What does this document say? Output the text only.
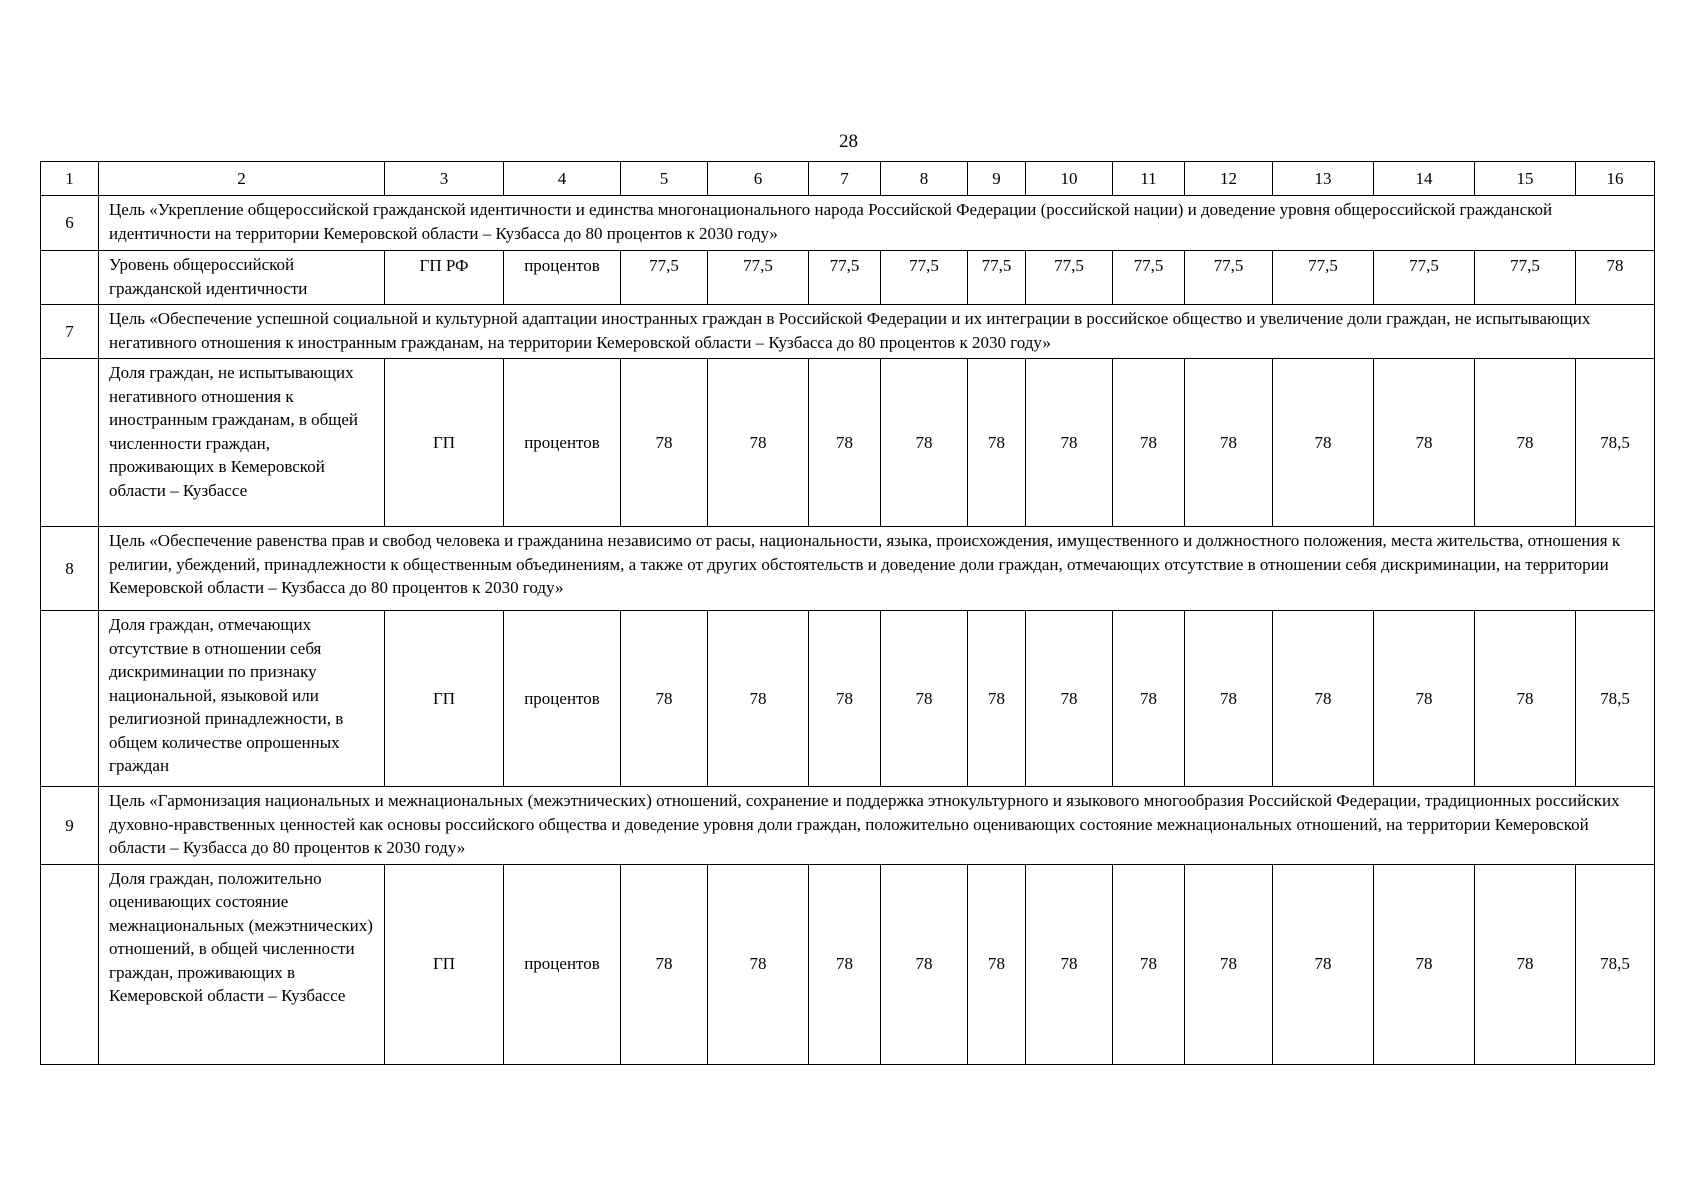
28
1	2	3	4	5	6	7	8	9	10	11	12	13	14	15	16
6	Цель «Укрепление общероссийской гражданской идентичности и единства многонационального народа Российской Федерации (российской нации) и доведение уровня общероссийской гражданской идентичности на территории Кемеровской области – Кузбасса до 80 процентов к 2030 году»														
	Уровень общероссийской гражданской идентичности	ГП РФ	процентов	77,5	77,5	77,5	77,5	77,5	77,5	77,5	77,5	77,5	77,5	77,5	78
7	Цель «Обеспечение успешной социальной и культурной адаптации иностранных граждан в Российской Федерации и их интеграции в российское общество и увеличение доли граждан, не испытывающих негативного отношения к иностранным гражданам, на территории Кемеровской области – Кузбасса до 80 процентов к 2030 году»														
	Доля граждан, не испытывающих негативного отношения к иностранным гражданам, в общей численности граждан, проживающих в Кемеровской области – Кузбассе	ГП	процентов	78	78	78	78	78	78	78	78	78	78	78	78,5
8	Цель «Обеспечение равенства прав и свобод человека и гражданина независимо от расы, национальности, языка, происхождения, имущественного и должностного положения, места жительства, отношения к религии, убеждений, принадлежности к общественным объединениям, а также от других обстоятельств и доведение доли граждан, отмечающих отсутствие в отношении себя дискриминации, на территории Кемеровской области – Кузбасса до 80 процентов к 2030 году»														
	Доля граждан, отмечающих отсутствие в отношении себя дискриминации по признаку национальной, языковой или религиозной принадлежности, в общем количестве опрошенных граждан	ГП	процентов	78	78	78	78	78	78	78	78	78	78	78	78,5
9	Цель «Гармонизация национальных и межнациональных (межэтнических) отношений, сохранение и поддержка этнокультурного и языкового многообразия Российской Федерации, традиционных российских духовно-нравственных ценностей как основы российского общества и доведение уровня доли граждан, положительно оценивающих состояние межнациональных отношений, на территории Кемеровской области – Кузбасса до 80 процентов к 2030 году»														
	Доля граждан, положительно оценивающих состояние межнациональных (межэтнических) отношений, в общей численности граждан, проживающих в Кемеровской области – Кузбассе	ГП	процентов	78	78	78	78	78	78	78	78	78	78	78	78,5
